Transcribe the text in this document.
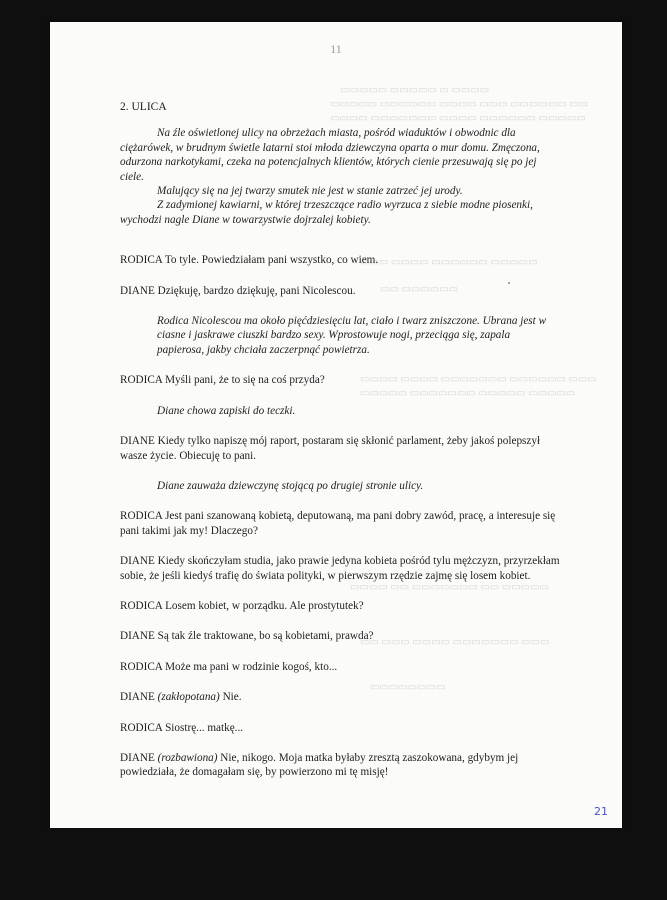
▭▭▭▭▭ ▭▭▭▭▭ ▭ ▭▭▭▭
▭▭▭▭▭ ▭▭▭▭▭▭ ▭▭▭▭ ▭▭▭ ▭▭▭▭▭▭ ▭▭
▭▭▭▭ ▭▭▭▭▭▭▭ ▭▭▭▭ ▭▭▭▭▭▭ ▭▭▭▭▭
▭▭▭ ▭▭▭▭ ▭▭▭▭▭▭ ▭▭▭▭▭
▭▭ ▭▭▭▭▭▭
▭▭▭▭ ▭▭▭▭ ▭▭▭▭▭▭▭ ▭▭▭▭▭▭ ▭▭▭
▭▭▭▭▭ ▭▭▭▭▭▭▭ ▭▭▭▭▭ ▭▭▭▭▭
▭▭▭▭ ▭▭ ▭▭▭▭▭▭▭ ▭▭ ▭▭▭▭▭
▭▭ ▭▭▭ ▭▭▭▭ ▭▭▭▭▭▭▭ ▭▭▭
▭▭▭▭▭▭▭▭
11
2. ULICA

Na źle oświetlonej ulicy na obrzeżach miasta, pośród wiaduktów i obwodnic dla ciężarówek, w brudnym świetle latarni stoi młoda dziewczyna oparta o mur domu. Zmęczona, odurzona narkotykami, czeka na potencjalnych klientów, których cienie przesuwają się po jej ciele.

Malujący się na jej twarzy smutek nie jest w stanie zatrzeć jej urody.

Z zadymionej kawiarni, w której trzeszczące radio wyrzuca z siebie modne piosenki, wychodzi nagle Diane w towarzystwie dojrzalej kobiety.

RODICA To tyle. Powiedziałam pani wszystko, co wiem.

DIANE Dziękuję, bardzo dziękuję, pani Nicolescou.

Rodica Nicolescou ma około pięćdziesięciu lat, ciało i twarz zniszczone. Ubrana jest w ciasne i jaskrawe ciuszki bardzo sexy. Wprostowuje nogi, przeciąga się, zapala papierosa, jakby chciała zaczerpnąć powietrza.

RODICA Myśli pani, że to się na coś przyda?

Diane chowa zapiski do teczki.

DIANE Kiedy tylko napiszę mój raport, postaram się skłonić parlament, żeby jakoś polepszył wasze życie. Obiecuję to pani.

Diane zauważa dziewczynę stojącą po drugiej stronie ulicy.

RODICA Jest pani szanowaną kobietą, deputowaną, ma pani dobry zawód, pracę, a interesuje się pani takimi jak my! Dlaczego?

DIANE Kiedy skończyłam studia, jako prawie jedyna kobieta pośród tylu mężczyzn, przyrzekłam sobie, że jeśli kiedyś trafię do świata polityki, w pierwszym rzędzie zajmę się losem kobiet.

RODICA Losem kobiet, w porządku. Ale prostytutek?

DIANE Są tak źle traktowane, bo są kobietami, prawda?

RODICA Może ma pani w rodzinie kogoś, kto...

DIANE (zakłopotana) Nie.

RODICA Siostrę... matkę...

DIANE (rozbawiona) Nie, nikogo. Moja matka byłaby zresztą zaszokowana, gdybym jej powiedziała, że domagałam się, by powierzono mi tę misję!

21
